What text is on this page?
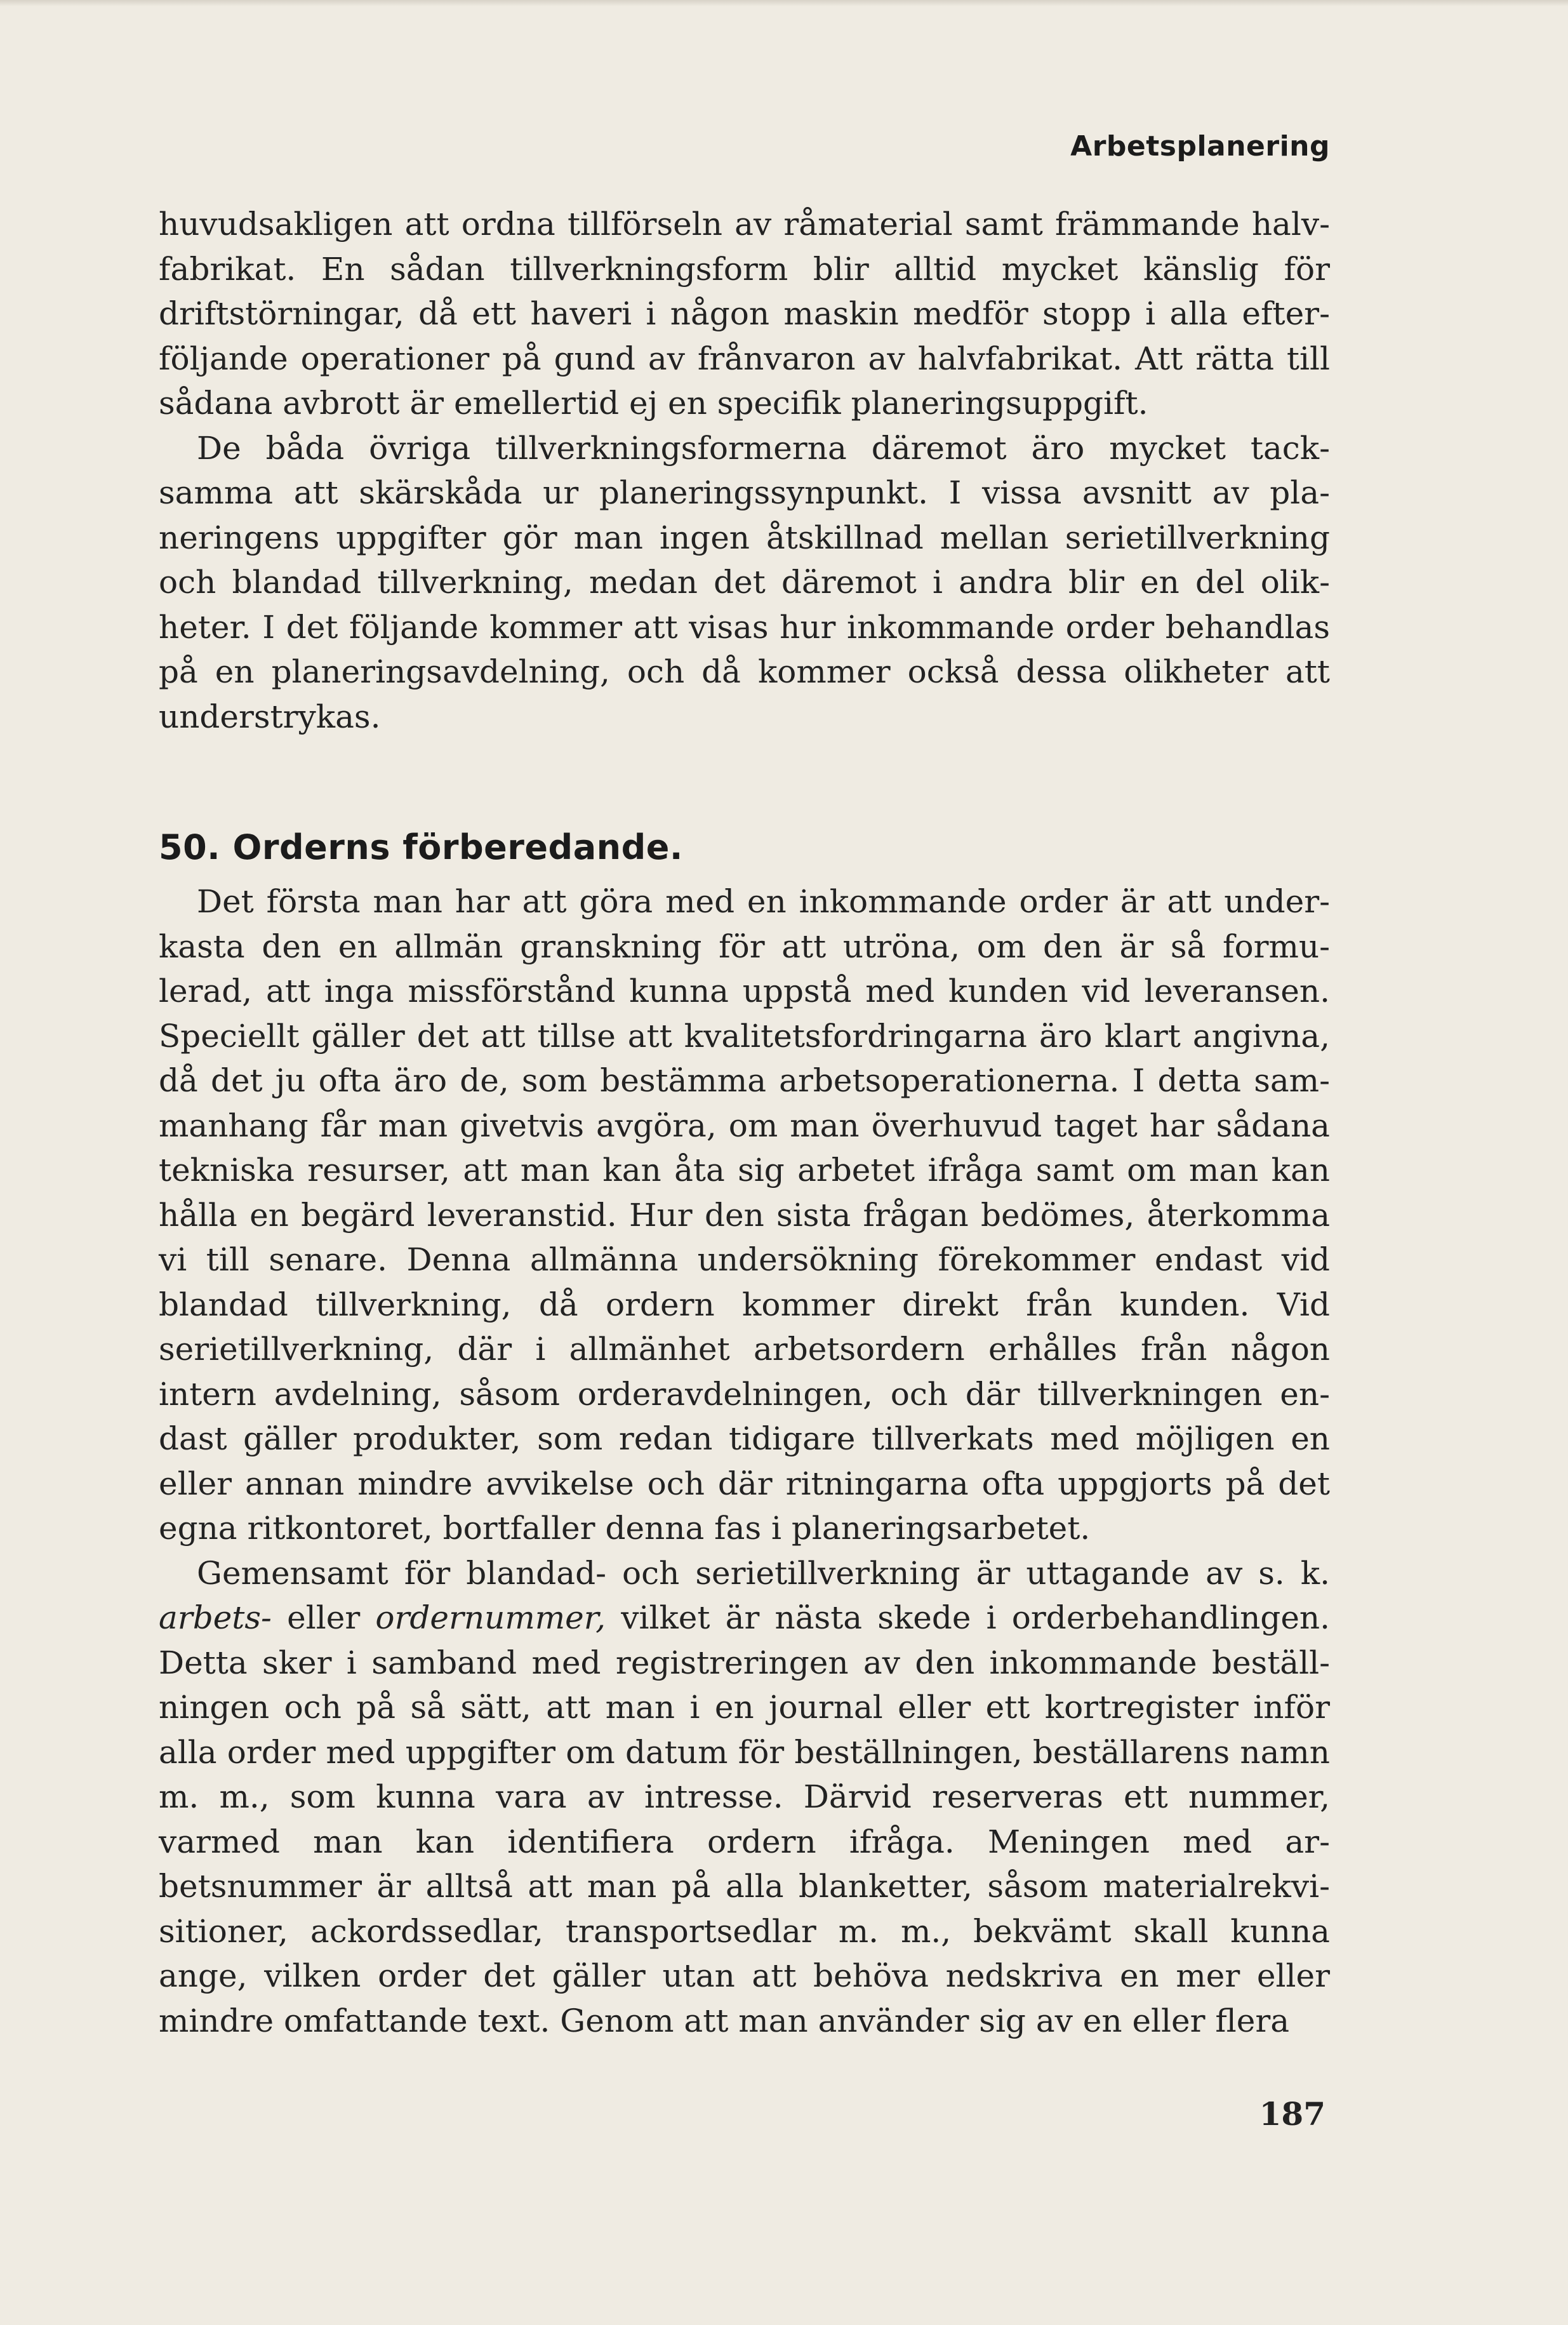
Arbetsplanering

huvudsakligen att ordna tillförseln av råmaterial samt främmande halvfabrikat. En sådan tillverkningsform blir alltid mycket känslig för driftstörningar, då ett haveri i någon maskin medför stopp i alla efterföljande operationer på gund av frånvaron av halvfabrikat. Att rätta till sådana avbrott är emellertid ej en specifik planeringsuppgift.

De båda övriga tillverkningsformerna däremot äro mycket tacksamma att skärskåda ur planeringssynpunkt. I vissa avsnitt av planeringens uppgifter gör man ingen åtskillnad mellan serietillverkning och blandad tillverkning, medan det däremot i andra blir en del olikheter. I det följande kommer att visas hur inkommande order behandlas på en planeringsavdelning, och då kommer också dessa olikheter att understrykas.

50. Orderns förberedande.

Det första man har att göra med en inkommande order är att underkasta den en allmän granskning för att utröna, om den är så formulerad, att inga missförstånd kunna uppstå med kunden vid leveransen. Speciellt gäller det att tillse att kvalitetsfordringarna äro klart angivna, då det ju ofta äro de, som bestämma arbetsoperationerna. I detta sammanhang får man givetvis avgöra, om man överhuvud taget har sådana tekniska resurser, att man kan åta sig arbetet ifråga samt om man kan hålla en begärd leveranstid. Hur den sista frågan bedömes, återkomma vi till senare. Denna allmänna undersökning förekommer endast vid blandad tillverkning, då ordern kommer direkt från kunden. Vid serietillverkning, där i allmänhet arbetsordern erhålles från någon intern avdelning, såsom orderavdelningen, och där tillverkningen endast gäller produkter, som redan tidigare tillverkats med möjligen en eller annan mindre avvikelse och där ritningarna ofta uppgjorts på det egna ritkontoret, bortfaller denna fas i planeringsarbetet.

Gemensamt för blandad- och serietillverkning är uttagande av s. k. arbets- eller ordernummer, vilket är nästa skede i orderbehandlingen. Detta sker i samband med registreringen av den inkommande beställningen och på så sätt, att man i en journal eller ett kortregister inför alla order med uppgifter om datum för beställningen, beställarens namn m. m., som kunna vara av intresse. Därvid reserveras ett nummer, varmed man kan identifiera ordern ifråga. Meningen med arbetsnummer är alltså att man på alla blanketter, såsom materialrekvisitioner, ackordssedlar, transportsedlar m. m., bekvämt skall kunna ange, vilken order det gäller utan att behöva nedskriva en mer eller mindre omfattande text. Genom att man använder sig av en eller flera

187
